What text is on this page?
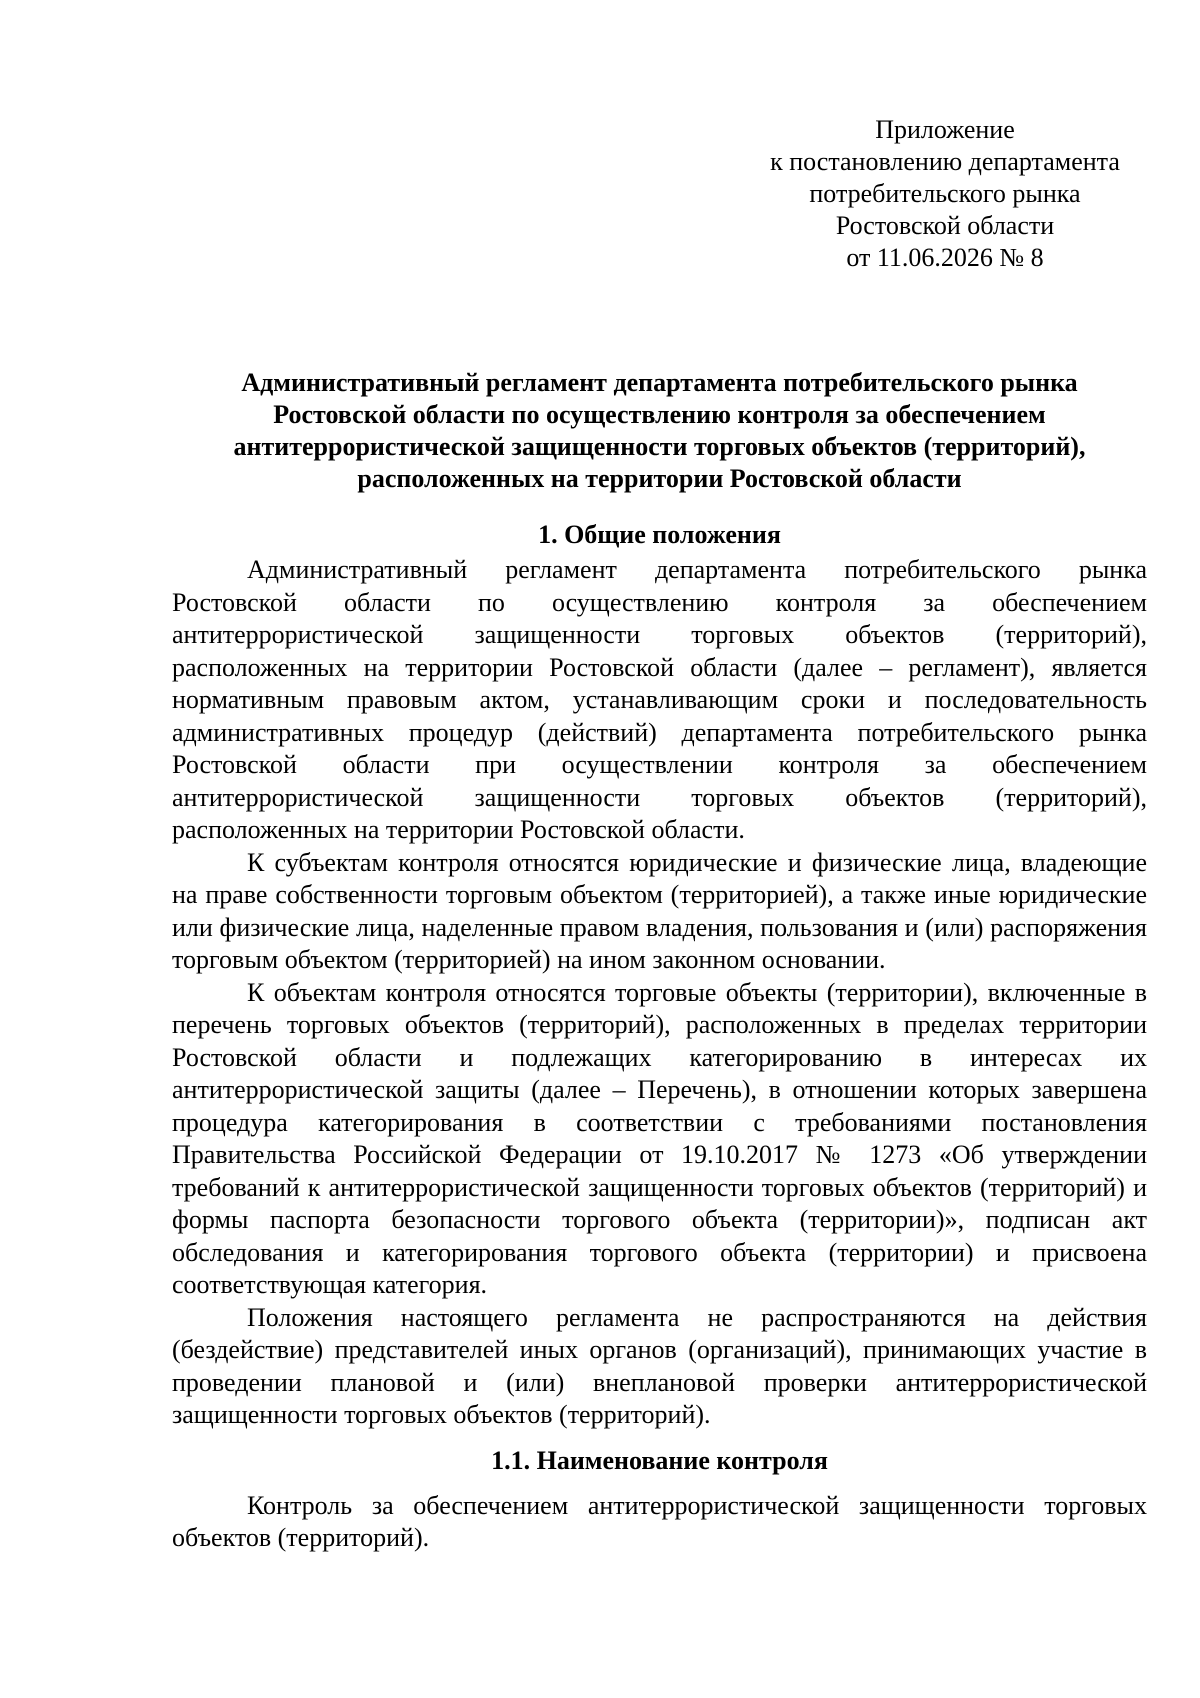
Приложение
к постановлению департамента
потребительского рынка
Ростовской области
от 11.06.2026 № 8
Административный регламент департамента потребительского рынка
Ростовской области по осуществлению контроля за обеспечением
антитеррористической защищенности торговых объектов (территорий),
расположенных на территории Ростовской области
1. Общие положения

Административный регламент департамента потребительского рынка Ростовской области по осуществлению контроля за обеспечением антитеррористической защищенности торговых объектов (территорий), расположенных на территории Ростовской области (далее – регламент), является нормативным правовым актом, устанавливающим сроки и последовательность административных процедур (действий) департамента потребительского рынка Ростовской области при осуществлении контроля за обеспечением антитеррористической защищенности торговых объектов (территорий), расположенных на территории Ростовской области.

К субъектам контроля относятся юридические и физические лица, владеющие на праве собственности торговым объектом (территорией), а также иные юридические или физические лица, наделенные правом владения, пользования и (или) распоряжения торговым объектом (территорией) на ином законном основании.

К объектам контроля относятся торговые объекты (территории), включенные в перечень торговых объектов (территорий), расположенных в пределах территории Ростовской области и подлежащих категорированию в интересах их антитеррористической защиты (далее – Перечень), в отношении которых завершена процедура категорирования в соответствии с требованиями постановления Правительства Российской Федерации от 19.10.2017 № 1273 «Об утверждении требований к антитеррористической защищенности торговых объектов (территорий) и формы паспорта безопасности торгового объекта (территории)», подписан акт обследования и категорирования торгового объекта (территории) и присвоена соответствующая категория.

Положения настоящего регламента не распространяются на действия (бездействие) представителей иных органов (организаций), принимающих участие в проведении плановой и (или) внеплановой проверки антитеррористической защищенности торговых объектов (территорий).

1.1. Наименование контроля

Контроль за обеспечением антитеррористической защищенности торговых объектов (территорий).
